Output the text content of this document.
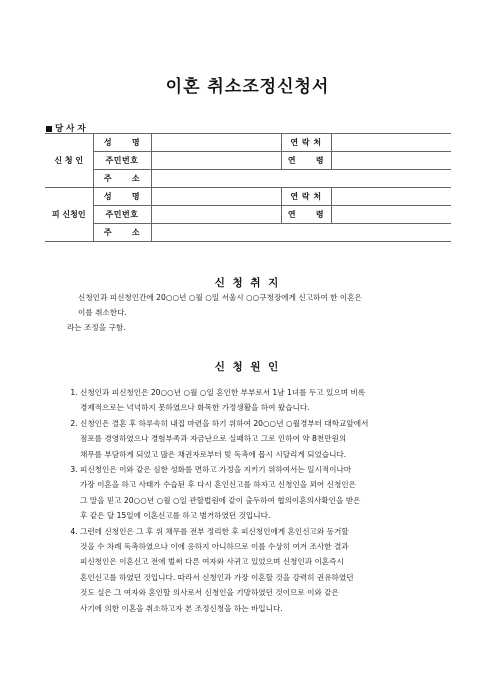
이혼 취소조정신청서
당 사 자
신 청 인	성      명		연 락 처	
	주민번호		연      령	
	주      소			
피 신청인	성      명		연 락 처	
	주민번호		연      령	
	주      소			
신 청 취 지

신청인과 피신청인간에 20○○년 ○월 ○일 서울시 ○○구청장에게 신고하여 한 이혼은

이를 취소한다.

라는 조정을 구함.

신 청 원 인
1. 신청인과 피신청인은 20○○년 ○월 ○일 혼인한 부부로서 1남 1녀를 두고 있으며 비록
경제적으로는 넉넉하지 못하였으나 화목한 가정생활을 하여 왔습니다.
2. 신청인은 결혼 후 하루속히 내집 마련을 하기 위하여 20○○년 ○월경부터 대학교앞에서
점포를 경영하였으나 경험부족과 자금난으로 실패하고 그로 인하여 약 8천만원의
채무를 부담하게 되었고 많은 채권자로부터 빚 독촉에 몹시 시달리게 되었습니다.
3. 피신청인은 이와 같은 심한 성화를 면하고 가정을 지키기 위하여서는 일시적이나마
가장 이혼을 하고 사태가 수습된 후 다시 혼인신고를 하자고 신청인을 꾀어 신청인은
그 말을 믿고 20○○년 ○월 ○일 관할법원에 같이 출두하여 협의이혼의사확인을 받은
후 같은 달 15일에 이혼신고를 하고 별거하였던 것입니다.
4. 그런데 신청인은 그 후 위 채무를 전부 정리한 후 피신청인에게 혼인신고와 동거할
것을 수 차례 독촉하였으나 이에 응하지 아니하므로 이를 수상히 여겨 조사한 결과
피신청인은 이혼신고 전에 벌써 다른 여자와 사귀고 있었으며 신청인과 이혼즉시
혼인신고를 하였던 것입니다. 따라서 신청인과 가장 이혼할 것을 강력히 권유하였던
것도 실은 그 여자와 혼인할 의사로서 신청인을 기망하였던 것이므로 이와 같은
사기에 의한 이혼을 취소하고자 본 조정신청을 하는 바입니다.
